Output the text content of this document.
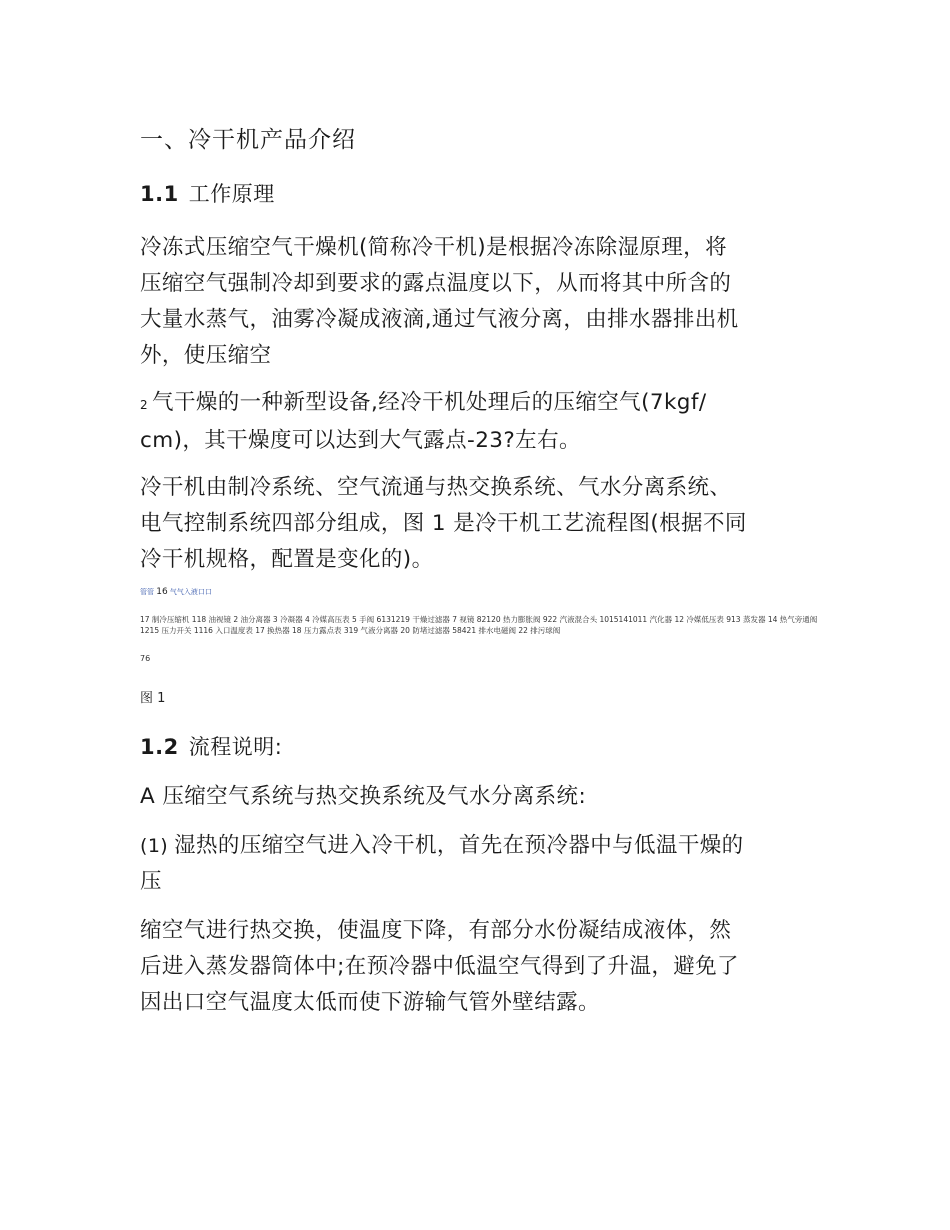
一、冷干机产品介绍
1.1 工作原理

冷冻式压缩空气干燥机(简称冷干机)是根据冷冻除湿原理，将
压缩空气强制冷却到要求的露点温度以下，从而将其中所含的
大量水蒸气，油雾冷凝成液滴,通过气液分离，由排水器排出机
外，使压缩空

2 气干燥的一种新型设备,经冷干机处理后的压缩空气(7kgf/
cm)，其干燥度可以达到大气露点-23?左右。

冷干机由制冷系统、空气流通与热交换系统、气水分离系统、
电气控制系统四部分组成，图 1 是冷干机工艺流程图(根据不同
冷干机规格，配置是变化的)。

管管 16 气气入液口口
17 制冷压缩机 118 油视镜 2 油分离器 3 冷凝器 4 冷媒高压表 5 手阀 6131219 干燥过滤器 7 视镜 82120 热力膨胀阀 922 汽液混合头 1015141011 汽化器 12 冷媒低压表 913 蒸发器 14 热气旁通阀
1215 压力开关 1116 入口温度表 17 换热器 18 压力露点表 319 气液分离器 20 防堵过滤器 58421 排水电磁阀 22 排污球阀
76
图 1
1.2 流程说明:

A 压缩空气系统与热交换系统及气水分离系统:

(1) 湿热的压缩空气进入冷干机，首先在预冷器中与低温干燥的
压

缩空气进行热交换，使温度下降，有部分水份凝结成液体，然
后进入蒸发器筒体中;在预冷器中低温空气得到了升温，避免了
因出口空气温度太低而使下游输气管外壁结露。
